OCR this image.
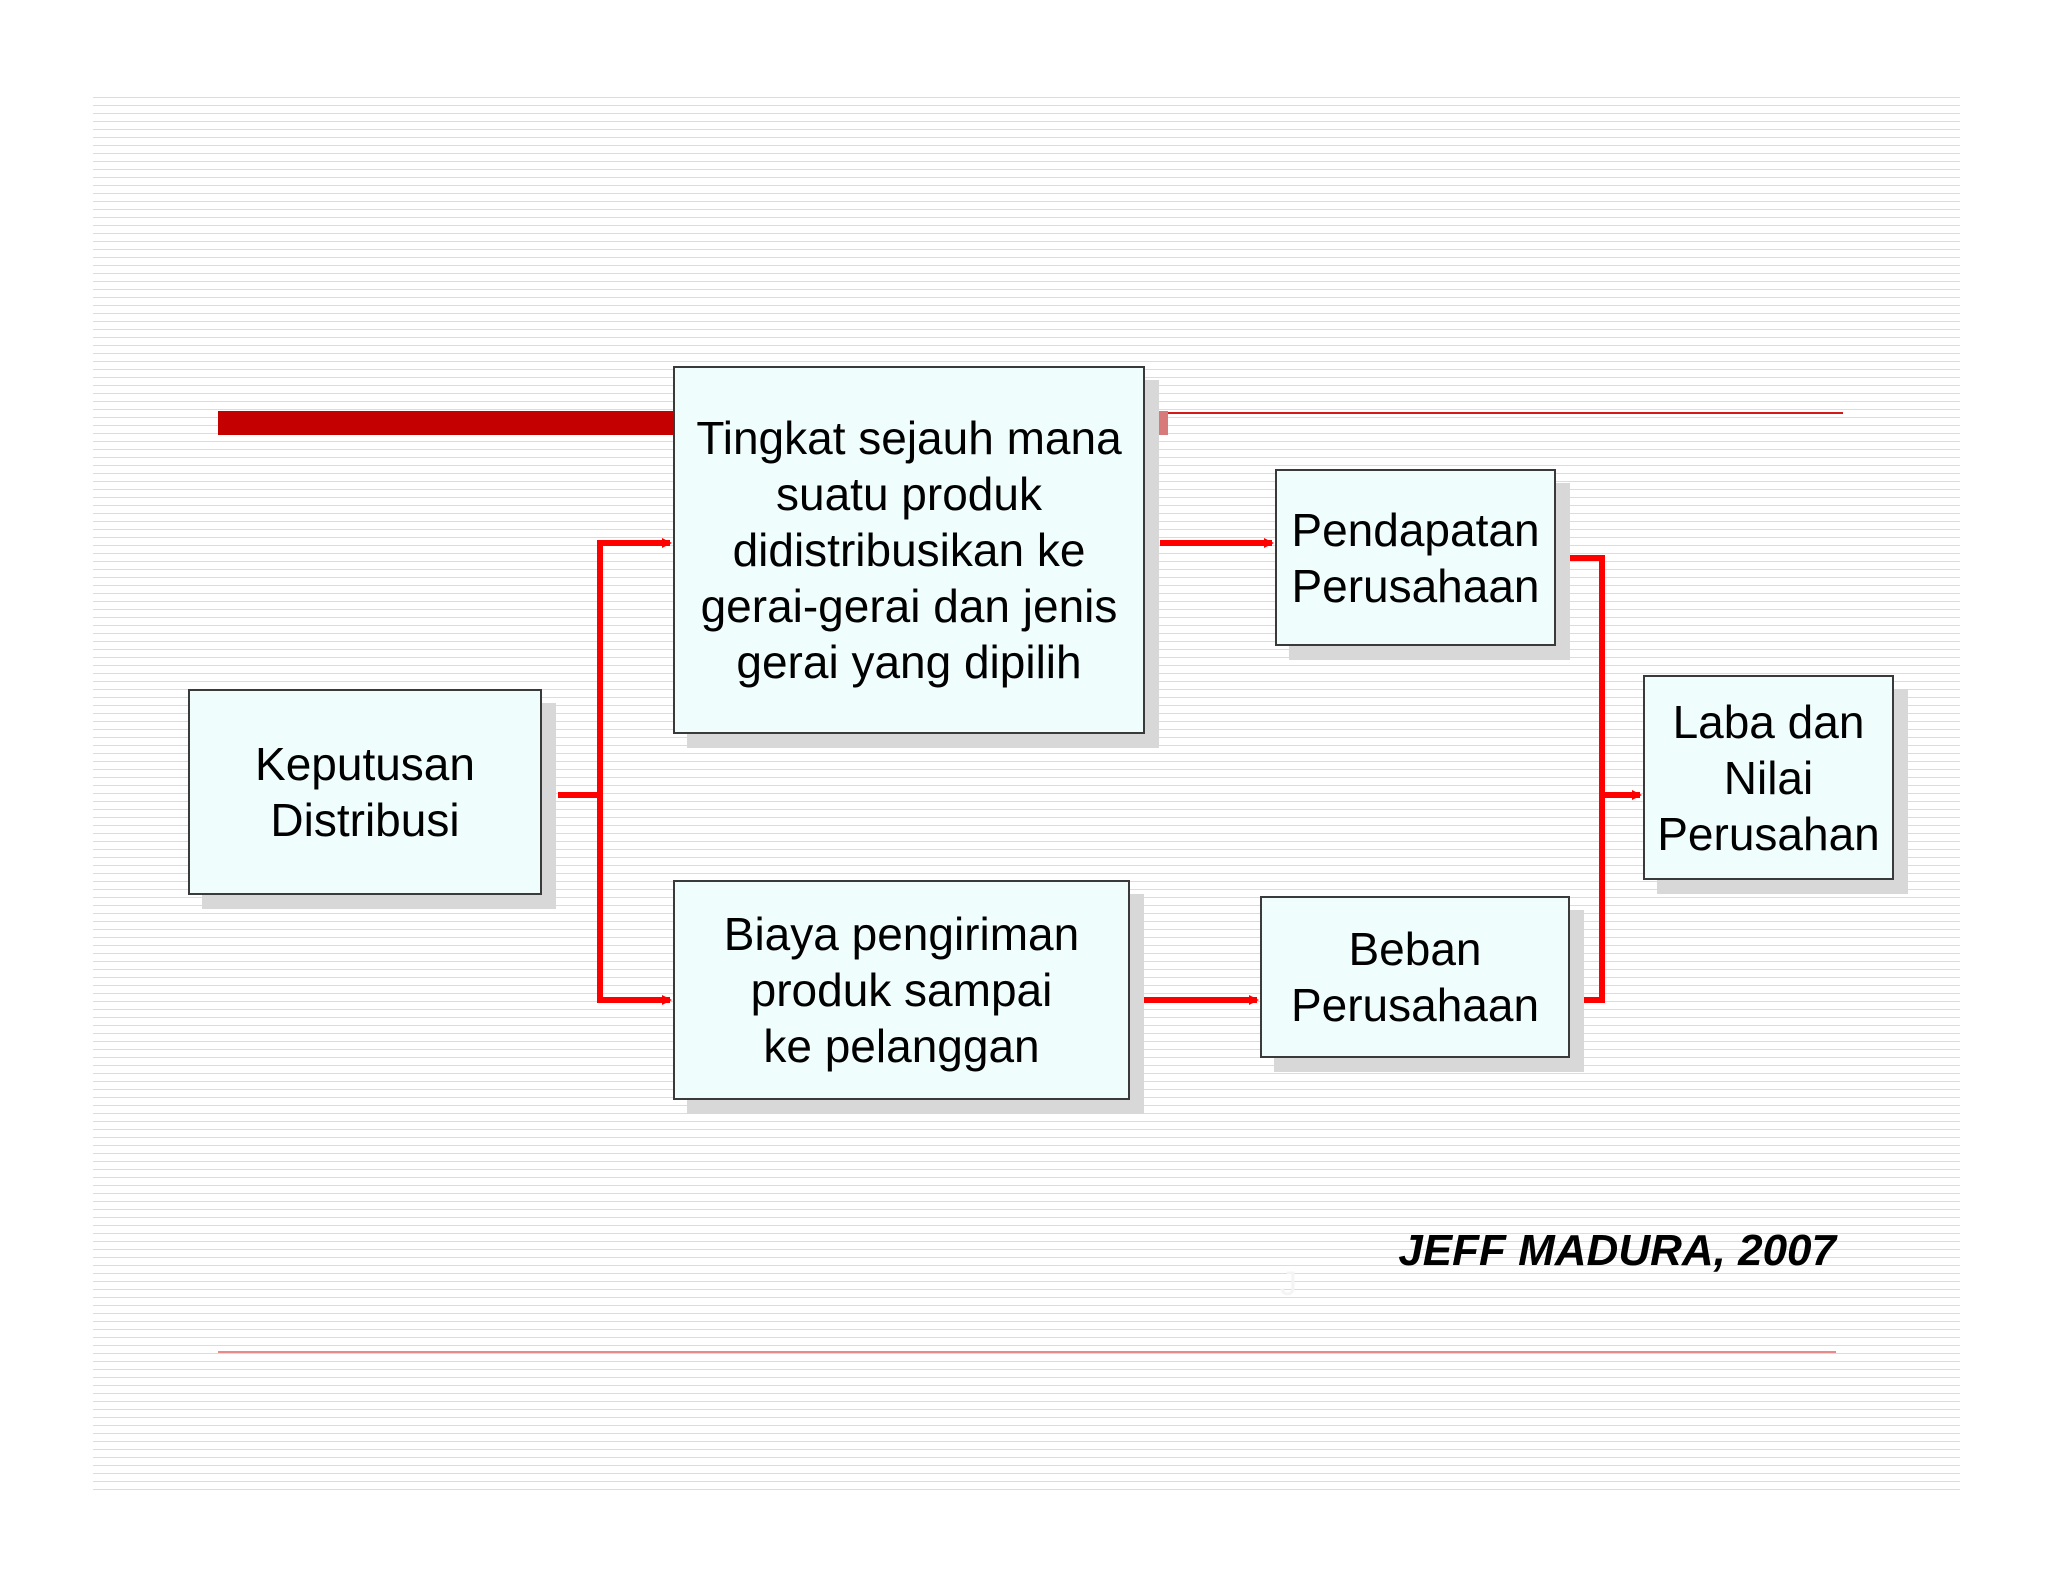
Keputusan
Distribusi
Tingkat sejauh mana
suatu produk
didistribusikan ke
gerai-gerai dan jenis
gerai yang dipilih
Biaya pengiriman
produk sampai
ke pelanggan
Pendapatan
Perusahaan
Beban
Perusahaan
Laba dan
Nilai
Perusahan
J
JEFF MADURA, 2007
